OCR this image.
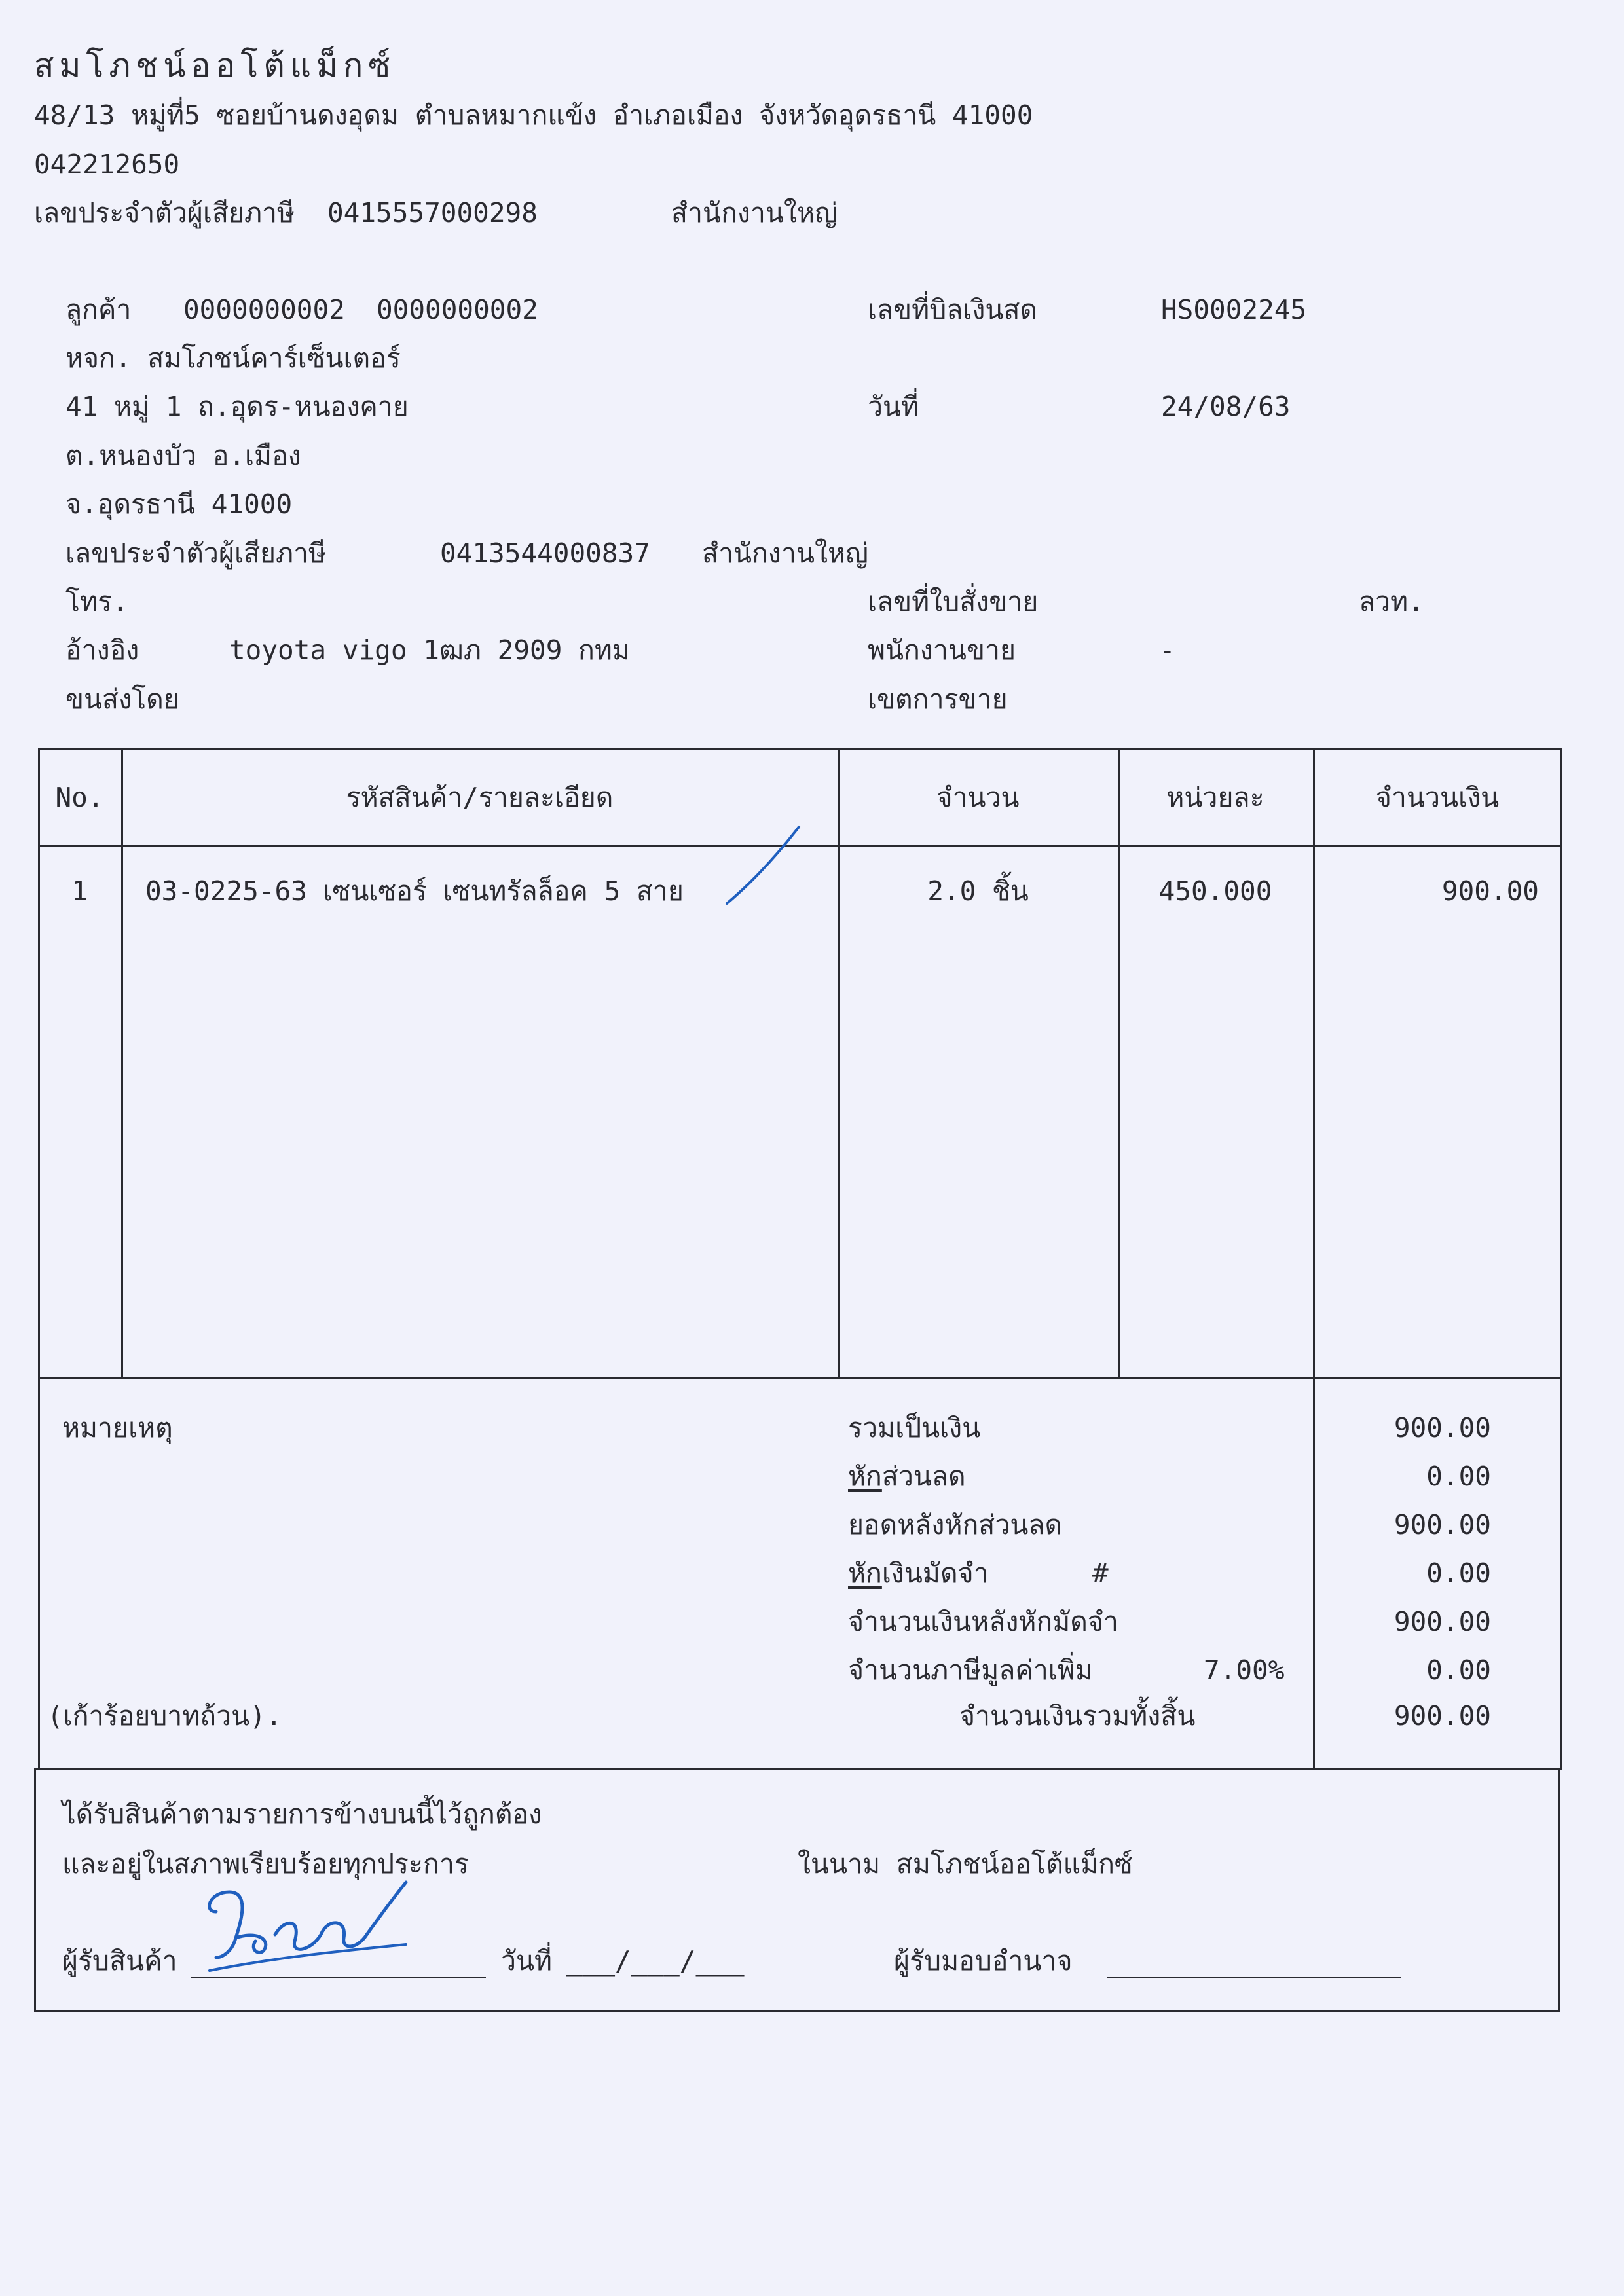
สมโภชน์ออโต้แม็กซ์
48/13 หมู่ที่5 ซอยบ้านดงอุดม ตำบลหมากแข้ง อำเภอเมือง จังหวัดอุดรธานี 41000
042212650
เลขประจำตัวผู้เสียภาษี 0415557000298	สำนักงานใหญ่
ลูกค้า 0000000002 0000000002
หจก. สมโภชน์คาร์เซ็นเตอร์
41 หมู่ 1 ถ.อุดร-หนองคาย
ต.หนองบัว อ.เมือง
จ.อุดรธานี 41000
เลขประจำตัวผู้เสียภาษี	0413544000837 สำนักงานใหญ่
โทร.
อ้างอิง	toyota vigo 1ฒภ 2909 กทม
ขนส่งโดย
เลขที่บิลเงินสด	HS0002245
วันที่	24/08/63
เลขที่ใบสั่งขาย	ลวท.
พนักงานขาย	-
เขตการขาย
No.	รหัสสินค้า/รายละเอียด	จำนวน	หน่วยละ	จำนวนเงิน
1	03-0225-63 เซนเซอร์ เซนทรัลล็อค 5 สาย	2.0 ชิ้น	450.000	900.00
หมายเหตุ
(เก้าร้อยบาทถ้วน).
รวมเป็นเงิน	900.00
หักส่วนลด	0.00
ยอดหลังหักส่วนลด	900.00
หักเงินมัดจำ	#	0.00
จำนวนเงินหลังหักมัดจำ	900.00
จำนวนภาษีมูลค่าเพิ่ม	7.00%	0.00
จำนวนเงินรวมทั้งสิ้น	900.00
ได้รับสินค้าตามรายการข้างบนนี้ไว้ถูกต้อง
และอยู่ในสภาพเรียบร้อยทุกประการ	ในนาม สมโภชน์ออโต้แม็กซ์
ผู้รับสินค้า	วันที่ ___/___/___	ผู้รับมอบอำนาจ
